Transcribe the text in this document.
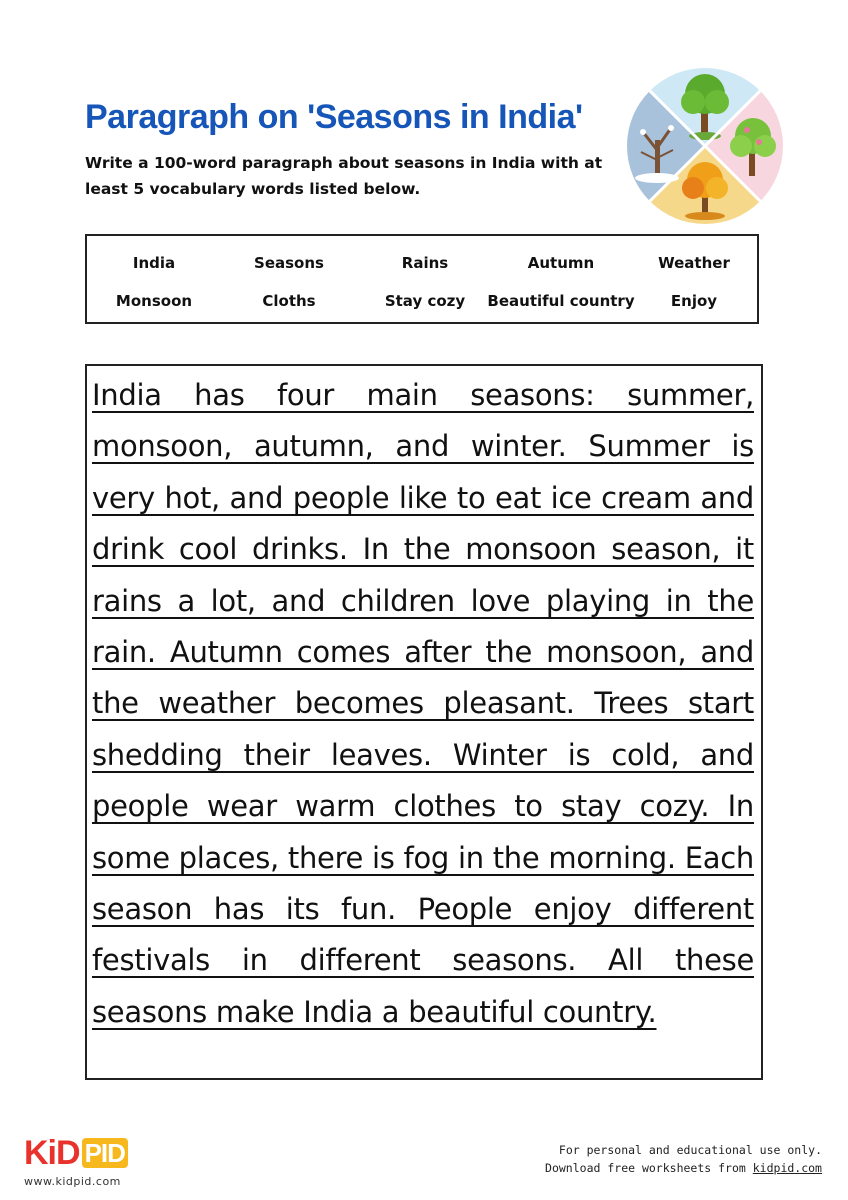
Paragraph on 'Seasons in India'
Write a 100-word paragraph about seasons in India with at least 5 vocabulary words listed below.
India	Seasons	Rains	Autumn	Weather
Monsoon	Cloths	Stay cozy	Beautiful country	Enjoy
India has four main seasons: summer, monsoon, autumn, and winter. Summer is very hot, and people like to eat ice cream and drink cool drinks. In the monsoon season, it rains a lot, and children love playing in the rain. Autumn comes after the monsoon, and the weather becomes pleasant. Trees start shedding their leaves. Winter is cold, and people wear warm clothes to stay cozy. In some places, there is fog in the morning. Each season has its fun. People enjoy different festivals in different seasons. All these seasons make India a beautiful country.
KiD PID
www.kidpid.com
For personal and educational use only.
Download free worksheets from kidpid.com
